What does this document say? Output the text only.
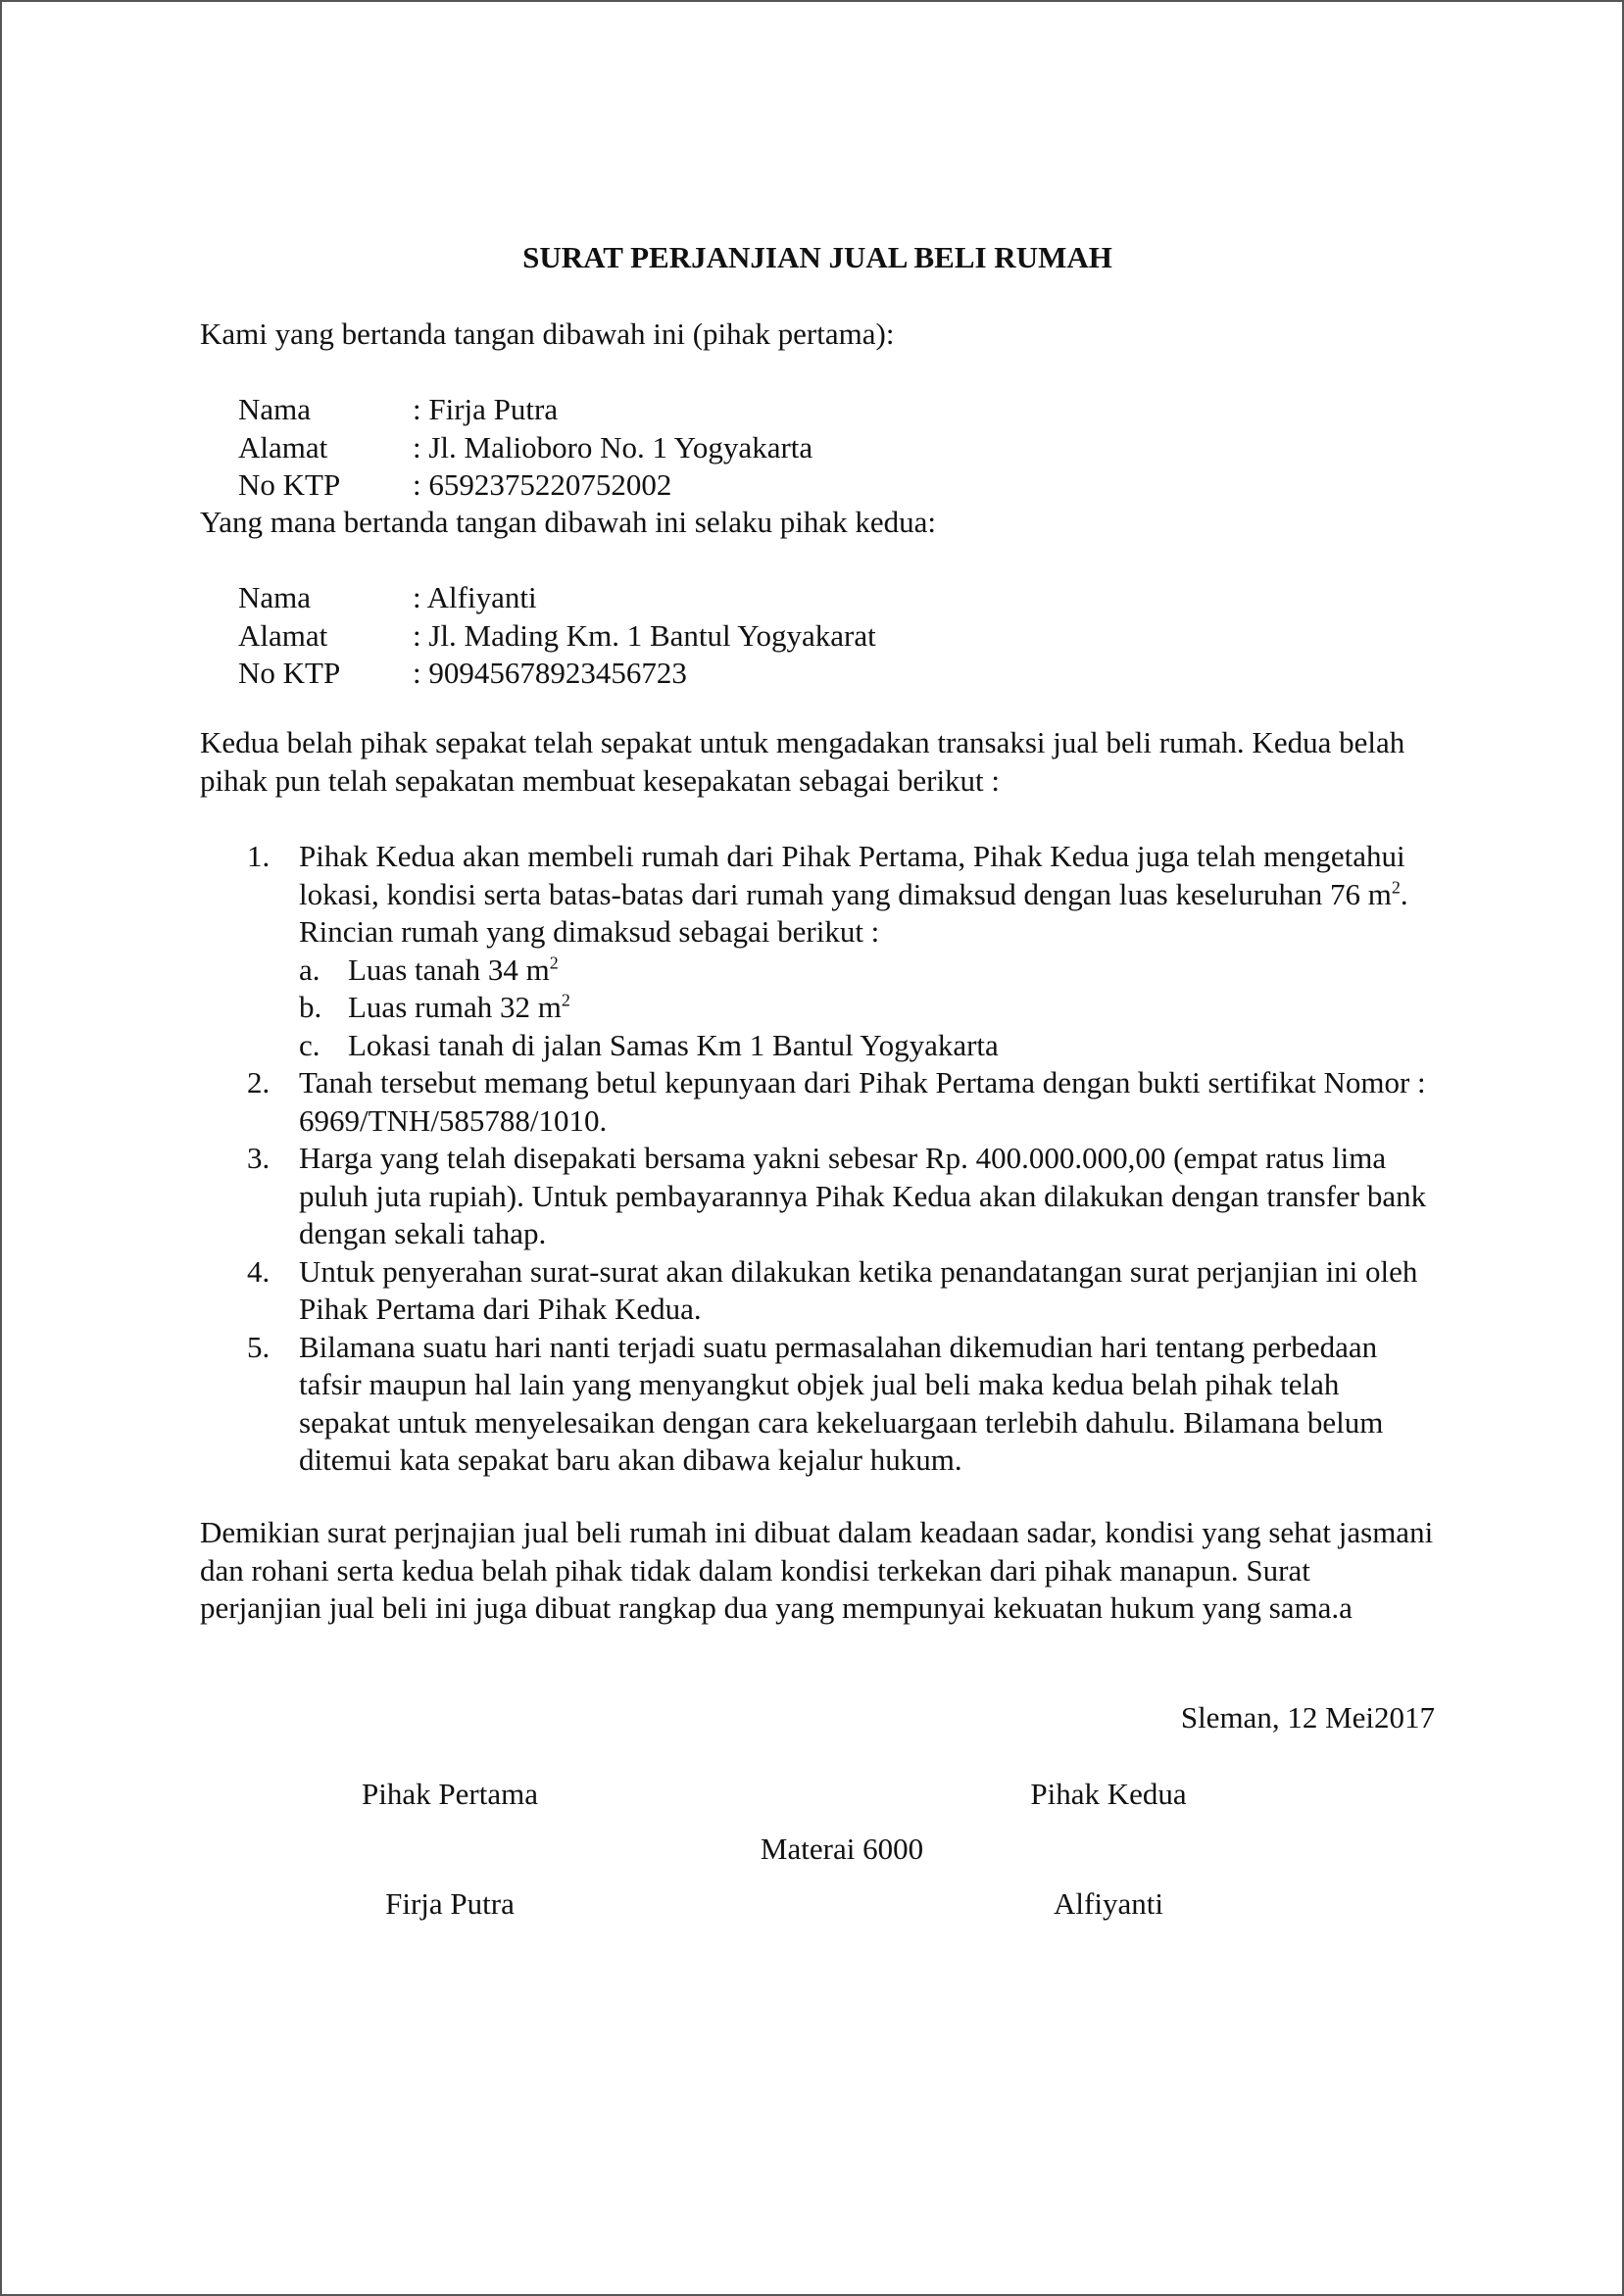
SURAT PERJANJIAN JUAL BELI RUMAH

Kami yang bertanda tangan dibawah ini (pihak pertama):

Nama	: Firja Putra
Alamat	: Jl. Malioboro No. 1 Yogyakarta
No KTP : 6592375220752002

Yang mana bertanda tangan dibawah ini selaku pihak kedua:

Nama	: Alfiyanti
Alamat	: Jl. Mading Km. 1 Bantul Yogyakarat
No KTP : 90945678923456723

Kedua belah pihak sepakat telah sepakat untuk mengadakan transaksi jual beli rumah. Kedua belah pihak pun telah sepakatan membuat kesepakatan sebagai berikut :

1. Pihak Kedua akan membeli rumah dari Pihak Pertama, Pihak Kedua juga telah mengetahui lokasi, kondisi serta batas-batas dari rumah yang dimaksud dengan luas keseluruhan 76 $m^2$. Rincian rumah yang dimaksud sebagai berikut :
a. Luas tanah 34 $m^2$
b. Luas rumah 32 $m^2$
c. Lokasi tanah di jalan Samas Km 1 Bantul Yogyakarta
2. Tanah tersebut memang betul kepunyaan dari Pihak Pertama dengan bukti sertifikat Nomor : 6969/TNH/585788/1010.
3. Harga yang telah disepakati bersama yakni sebesar Rp. 400.000.000,00 (empat ratus lima puluh juta rupiah). Untuk pembayarannya Pihak Kedua akan dilakukan dengan transfer bank dengan sekali tahap.
4. Untuk penyerahan surat-surat akan dilakukan ketika penandatangan surat perjanjian ini oleh Pihak Pertama dari Pihak Kedua.
5. Bilamana suatu hari nanti terjadi suatu permasalahan dikemudian hari tentang perbedaan tafsir maupun hal lain yang menyangkut objek jual beli maka kedua belah pihak telah sepakat untuk menyelesaikan dengan cara kekeluargaan terlebih dahulu. Bilamana belum ditemui kata sepakat baru akan dibawa kejalur hukum.

Demikian surat perjnajian jual beli rumah ini dibuat dalam keadaan sadar, kondisi yang sehat jasmani dan rohani serta kedua belah pihak tidak dalam kondisi terkekan dari pihak manapun. Surat perjanjian jual beli ini juga dibuat rangkap dua yang mempunyai kekuatan hukum yang sama.a

Sleman, 12 Mei2017
Pihak Pertama	Pihak Kedua
Materai 6000
Firja Putra	Alfiyanti
